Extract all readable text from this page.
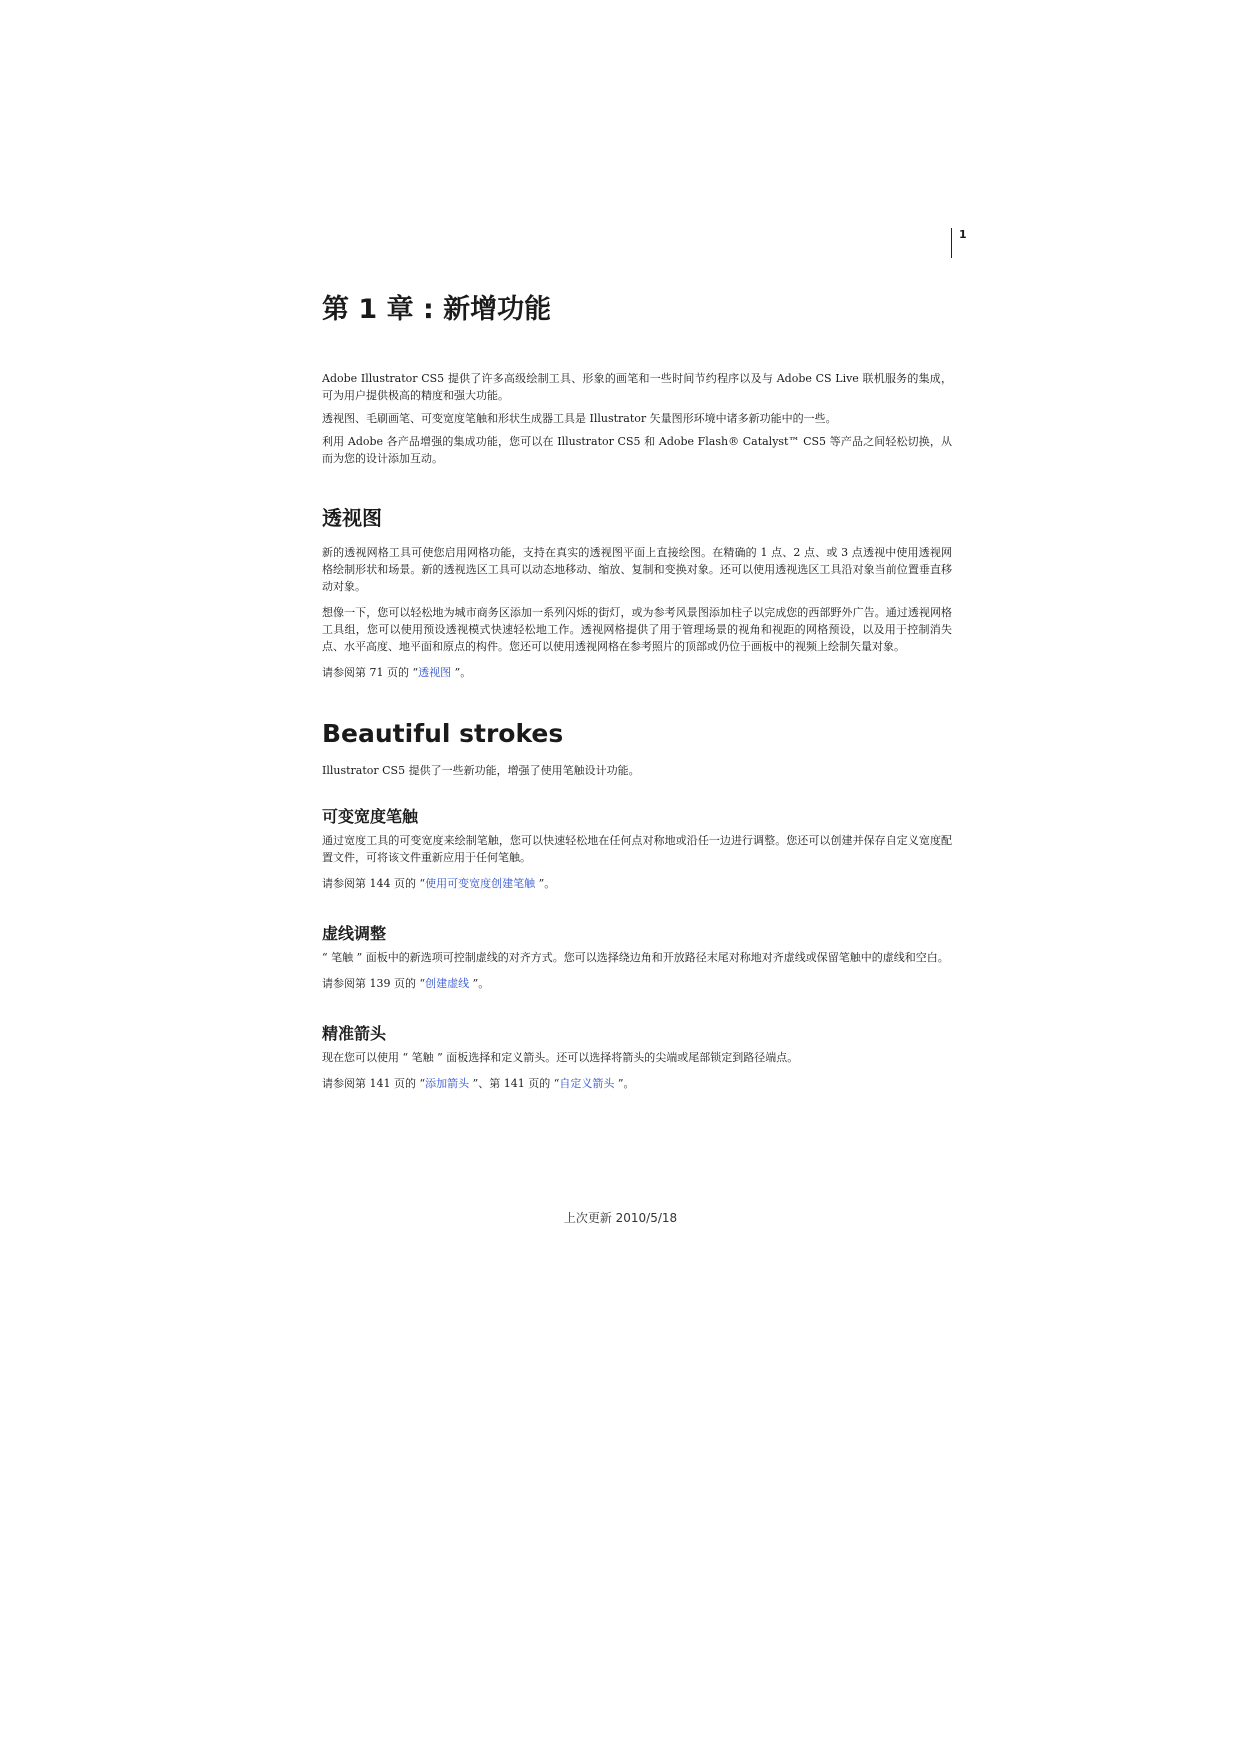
1
第 1 章 : 新增功能

Adobe Illustrator CS5 提供了许多高级绘制工具、形象的画笔和一些时间节约程序以及与 Adobe CS Live 联机服务的集成，可为用户提供极高的精度和强大功能。

透视图、毛刷画笔、可变宽度笔触和形状生成器工具是 Illustrator 矢量图形环境中诸多新功能中的一些。

利用 Adobe 各产品增强的集成功能，您可以在 Illustrator CS5 和 Adobe Flash® Catalyst™ CS5 等产品之间轻松切换，从而为您的设计添加互动。

透视图

新的透视网格工具可使您启用网格功能，支持在真实的透视图平面上直接绘图。在精确的 1 点、2 点、或 3 点透视中使用透视网格绘制形状和场景。新的透视选区工具可以动态地移动、缩放、复制和变换对象。还可以使用透视选区工具沿对象当前位置垂直移动对象。

想像一下，您可以轻松地为城市商务区添加一系列闪烁的街灯，或为参考风景图添加柱子以完成您的西部野外广告。通过透视网格工具组，您可以使用预设透视模式快速轻松地工作。透视网格提供了用于管理场景的视角和视距的网格预设，以及用于控制消失点、水平高度、地平面和原点的构件。您还可以使用透视网格在参考照片的顶部或仍位于画板中的视频上绘制矢量对象。

请参阅第 71 页的 “透视图 ”。

Beautiful strokes

Illustrator CS5 提供了一些新功能，增强了使用笔触设计功能。

可变宽度笔触

通过宽度工具的可变宽度来绘制笔触，您可以快速轻松地在任何点对称地或沿任一边进行调整。您还可以创建并保存自定义宽度配置文件，可将该文件重新应用于任何笔触。

请参阅第 144 页的 “使用可变宽度创建笔触 ”。

虚线调整

“ 笔触 ” 面板中的新选项可控制虚线的对齐方式。您可以选择绕边角和开放路径末尾对称地对齐虚线或保留笔触中的虚线和空白。

请参阅第 139 页的 “创建虚线 ”。

精准箭头

现在您可以使用 “ 笔触 ” 面板选择和定义箭头。还可以选择将箭头的尖端或尾部锁定到路径端点。

请参阅第 141 页的 “添加箭头 ”、第 141 页的 “自定义箭头 ”。

上次更新 2010/5/18
